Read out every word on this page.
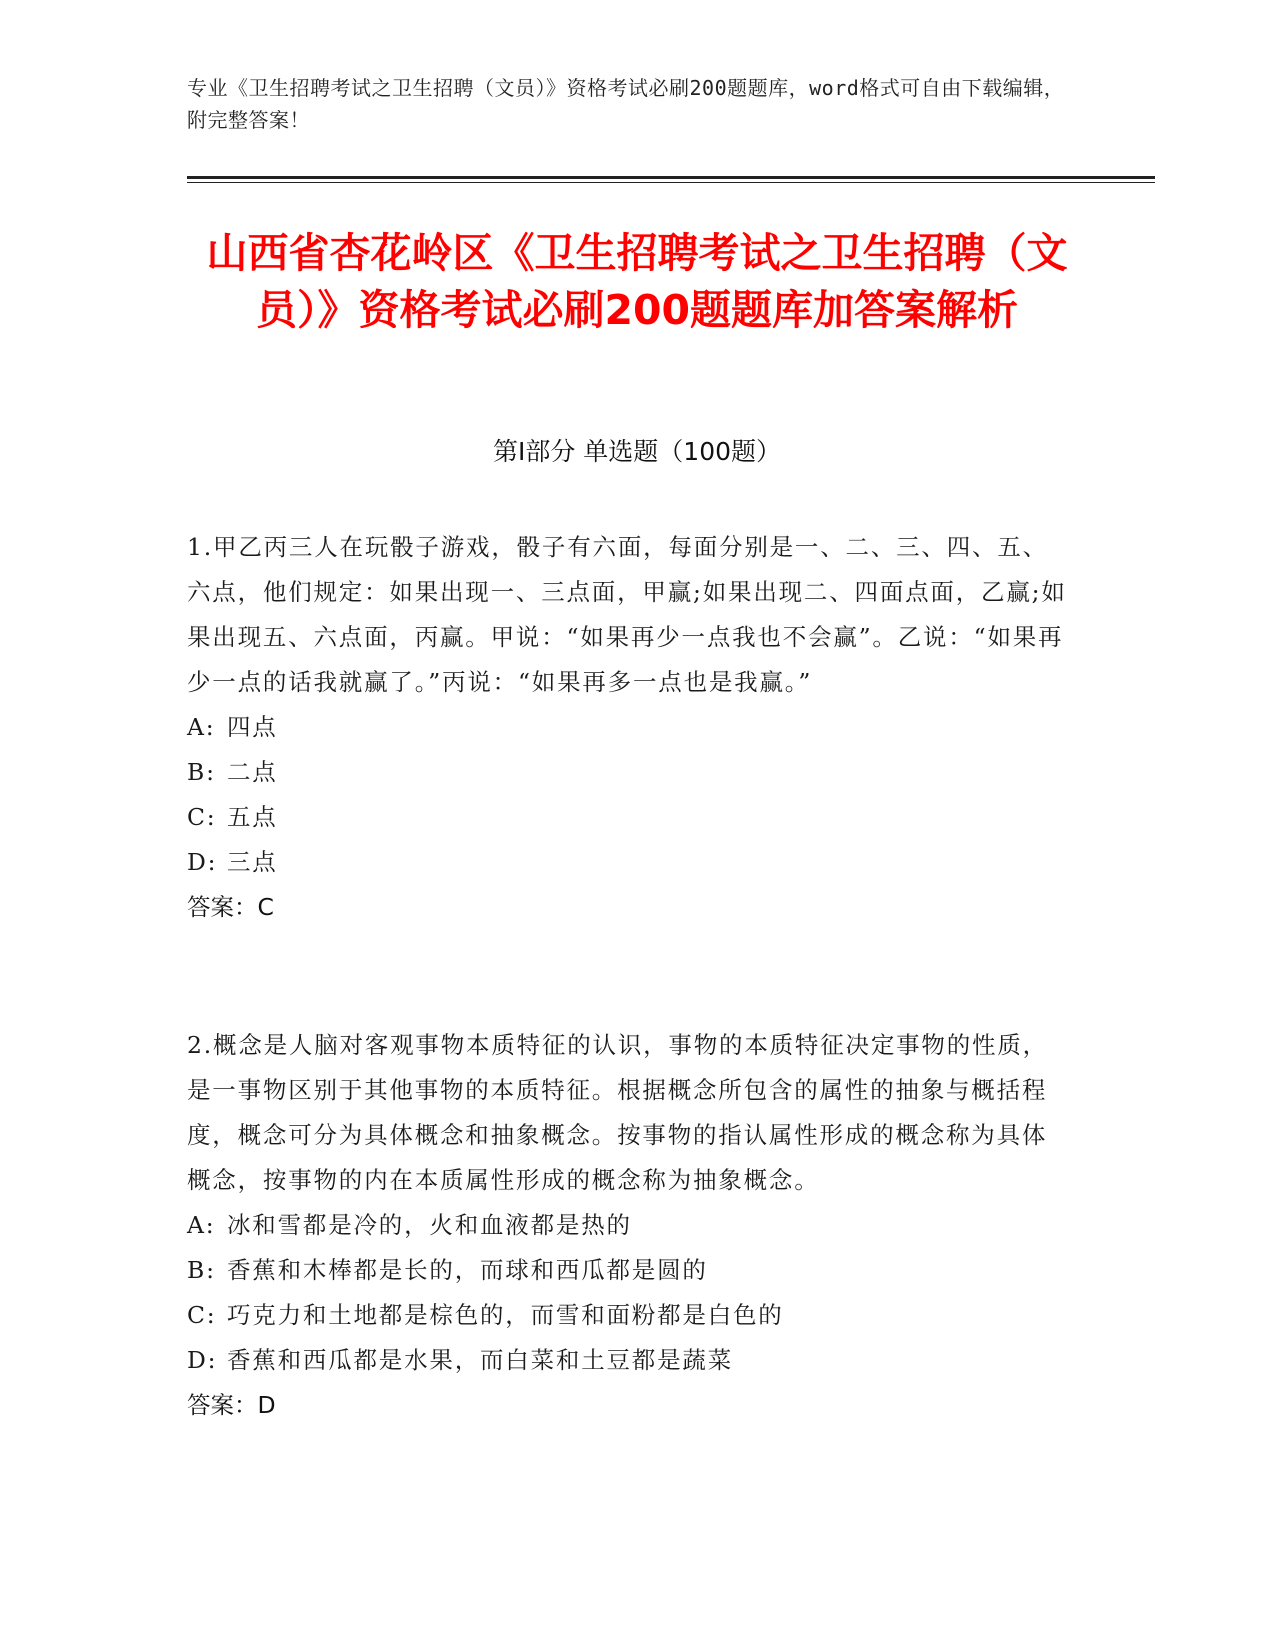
专业《卫生招聘考试之卫生招聘（文员）》资格考试必刷200题题库，word格式可自由下载编辑，附完整答案！
山西省杏花岭区《卫生招聘考试之卫生招聘（文员）》资格考试必刷200题题库加答案解析
第Ⅰ部分 单选题（100题）

1.甲乙丙三人在玩骰子游戏，骰子有六面，每面分别是一、二、三、四、五、六点，他们规定：如果出现一、三点面，甲赢;如果出现二、四面点面，乙赢;如果出现五、六点面，丙赢。甲说：“如果再少一点我也不会赢”。乙说：“如果再少一点的话我就赢了。”丙说：“如果再多一点也是我赢。”

A: 四点

B: 二点

C: 五点

D: 三点

答案：C

2.概念是人脑对客观事物本质特征的认识，事物的本质特征决定事物的性质，是一事物区别于其他事物的本质特征。根据概念所包含的属性的抽象与概括程度，概念可分为具体概念和抽象概念。按事物的指认属性形成的概念称为具体概念，按事物的内在本质属性形成的概念称为抽象概念。

A: 冰和雪都是冷的，火和血液都是热的

B: 香蕉和木棒都是长的，而球和西瓜都是圆的

C: 巧克力和土地都是棕色的，而雪和面粉都是白色的

D: 香蕉和西瓜都是水果，而白菜和土豆都是蔬菜

答案：D
